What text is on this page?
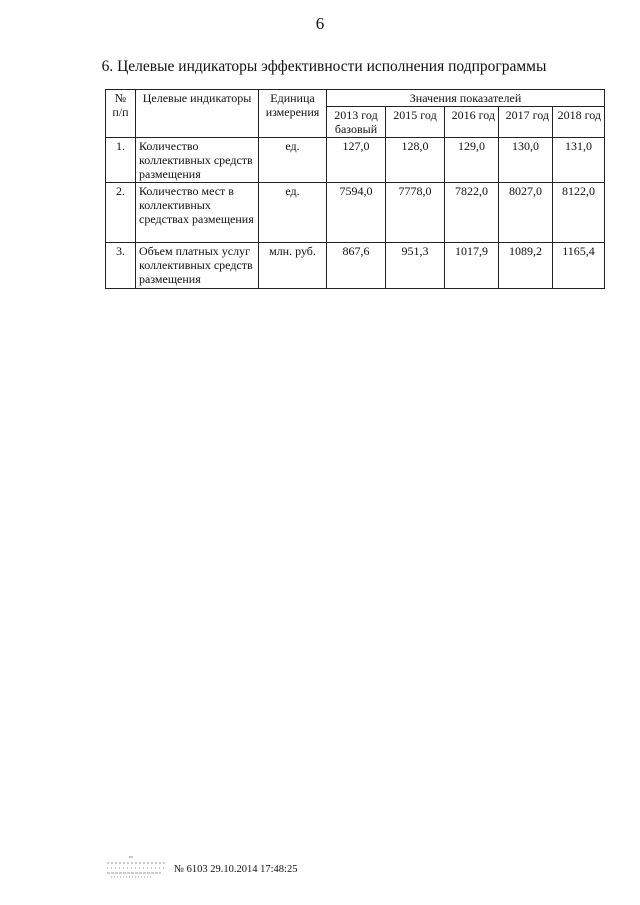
6
6. Целевые индикаторы эффективности исполнения подпрограммы
№ п/п	Целевые индикаторы	Единица измерения	Значения показателей				
			2013 год базовый	2015 год	2016 год	2017 год	2018 год
1.	Количество коллективных средств размещения	ед.	127,0	128,0	129,0	130,0	131,0
2.	Количество мест в коллективных средствах размещения	ед.	7594,0	7778,0	7822,0	8027,0	8122,0
3.	Объем платных услуг коллективных средств размещения	млн. руб.	867,6	951,3	1017,9	1089,2	1165,4
№ 6103 29.10.2014 17:48:25
